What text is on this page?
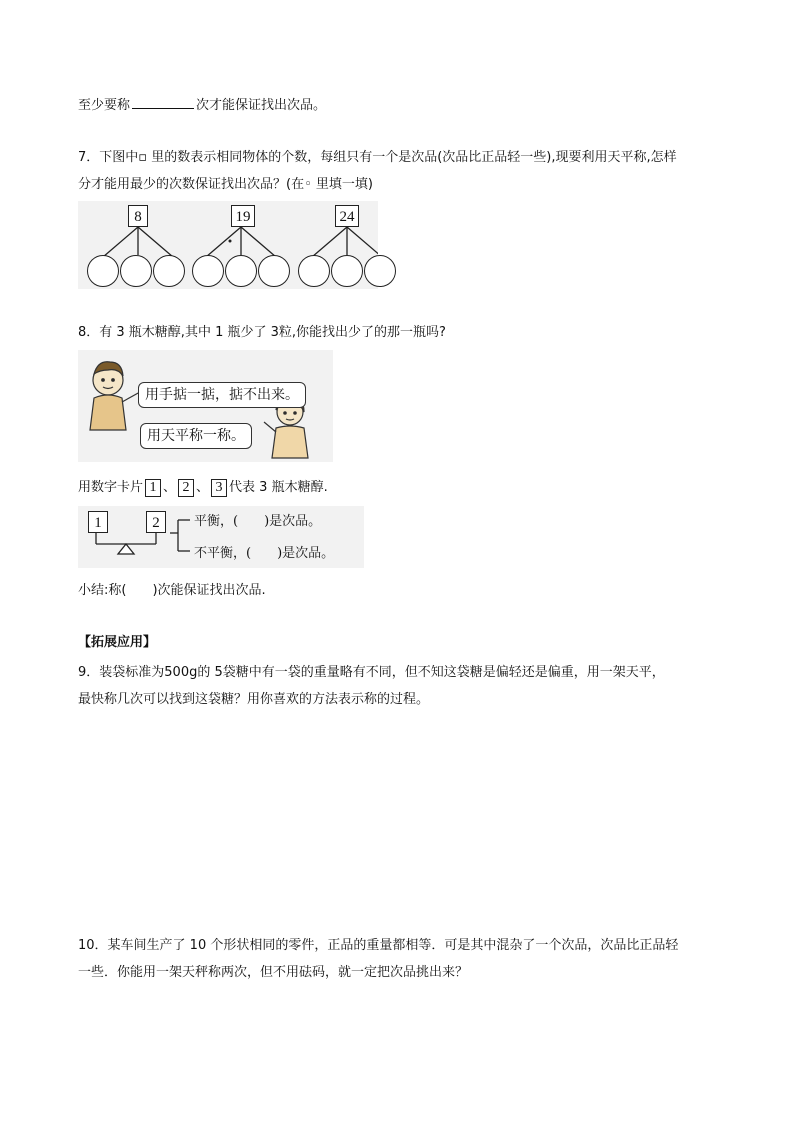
至少要称	次才能保证找出次品。
7．下图中▫ 里的数表示相同物体的个数，每组只有一个是次品(次品比正品轻一些),现要利用天平称,怎样
分才能用最少的次数保证找出次品？(在◦ 里填一填)
8	19	24
8．有 3 瓶木糖醇,其中 1 瓶少了 3粒,你能找出少了的那一瓶吗?
用手掂一掂，掂不出来。
用天平称一称。
用数字卡片 1 、 2 、 3 代表 3 瓶木糖醇.
1	2	平衡，(　　)是次品。
不平衡，(　　)是次品。
小结:称(　　)次能保证找出次品.
【拓展应用】
9．装袋标准为500g的 5袋糖中有一袋的重量略有不同，但不知这袋糖是偏轻还是偏重，用一架天平，
最快称几次可以找到这袋糖？用你喜欢的方法表示称的过程。
10．某车间生产了 10 个形状相同的零件，正品的重量都相等．可是其中混杂了一个次品，次品比正品轻
一些．你能用一架天秤称两次，但不用砝码，就一定把次品挑出来？
